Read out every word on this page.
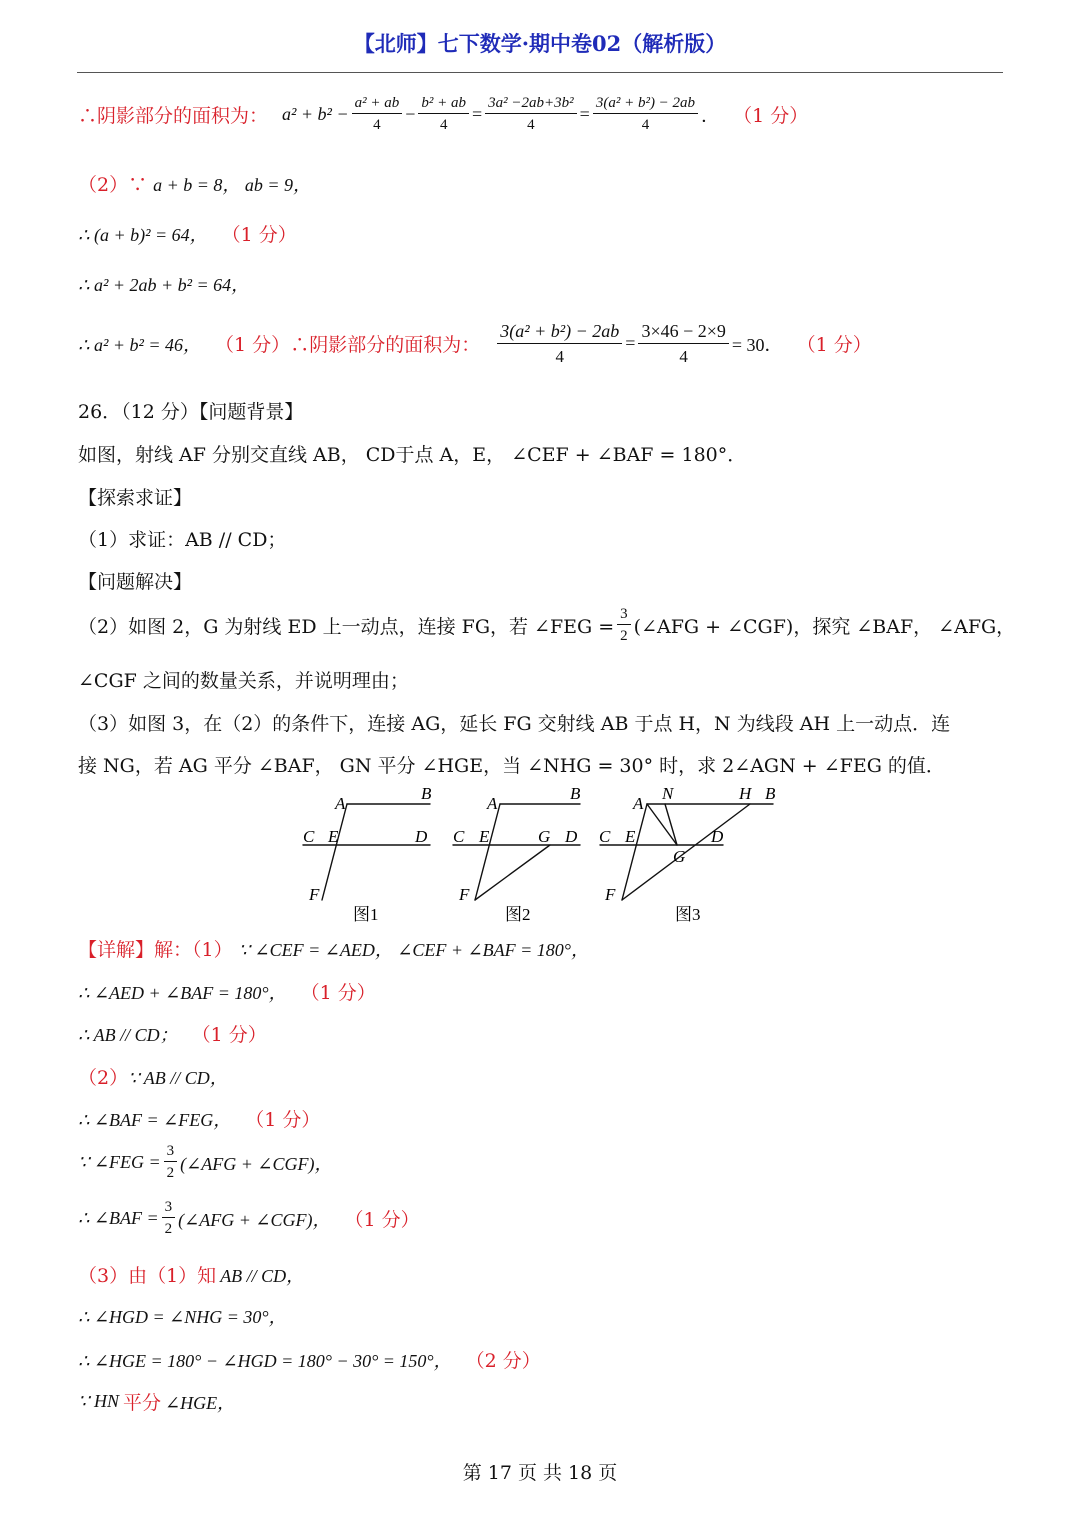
【北师】七下数学·期中卷02（解析版）
∴阴影部分的面积为： $a^2 + b^2 - \frac{\text{a² + ab}}{4} - \frac{\text{b² + ab}}{4} = \frac{\text{3a² −2ab+3b²}}{4} = \frac{\text{3(a² + b²) − 2ab}}{4}$ ． （1 分）
（2）∵ a + b = 8， ab = 9，
∴ (a + b)² = 64， （1 分）
∴ a² + 2ab + b² = 64，
∴ a² + b² = 46， （1 分） ∴阴影部分的面积为： $\frac{\text{3(a² + b²) − 2ab}}{4} = \frac{3\times 46 - 2\times 9}{4} = 30$． （1 分）
26．（12 分）【问题背景】
如图，射线 AF 分别交直线 AB， CD于点 A，E， ∠CEF + ∠BAF = 180°．
【探索求证】
（1）求证：AB // CD；
【问题解决】
（2）如图 2，G 为射线 ED 上一动点，连接 FG，若 ∠FEG = $\frac{3}{2}$ (∠AFG + ∠CGF)，探究 ∠BAF， ∠AFG，
∠CGF 之间的数量关系，并说明理由；
（3）如图 3，在（2）的条件下，连接 AG，延长 FG 交射线 AB 于点 H，N 为线段 AH 上一动点．连
接 NG，若 AG 平分 ∠BAF， GN 平分 ∠HGE，当 ∠NHG = 30° 时，求 2∠AGN + ∠FEG 的值．
A
B
C E	D
F
图1
A
B
C E	G D
F
图2
A
N	H B
C E	D
G
F
图3
【详解】解：（1） ∵ ∠CEF = ∠AED， ∠CEF + ∠BAF = 180°，
∴ ∠AED + ∠BAF = 180°， （1 分）
∴ AB // CD； （1 分）
（2） ∵ AB // CD，
∴ ∠BAF = ∠FEG， （1 分）
∵ ∠FEG = $\frac{3}{2}$ (∠AFG + ∠CGF)，
∴ ∠BAF = $\frac{3}{2}$ (∠AFG + ∠CGF)， （1 分）
（3）由（1）知 AB // CD，
∴ ∠HGD = ∠NHG = 30°，
∴ ∠HGE = 180° − ∠HGD = 180° − 30° = 150°， （2 分）
∵ HN 平分 ∠HGE，
第 17 页 共 18 页
